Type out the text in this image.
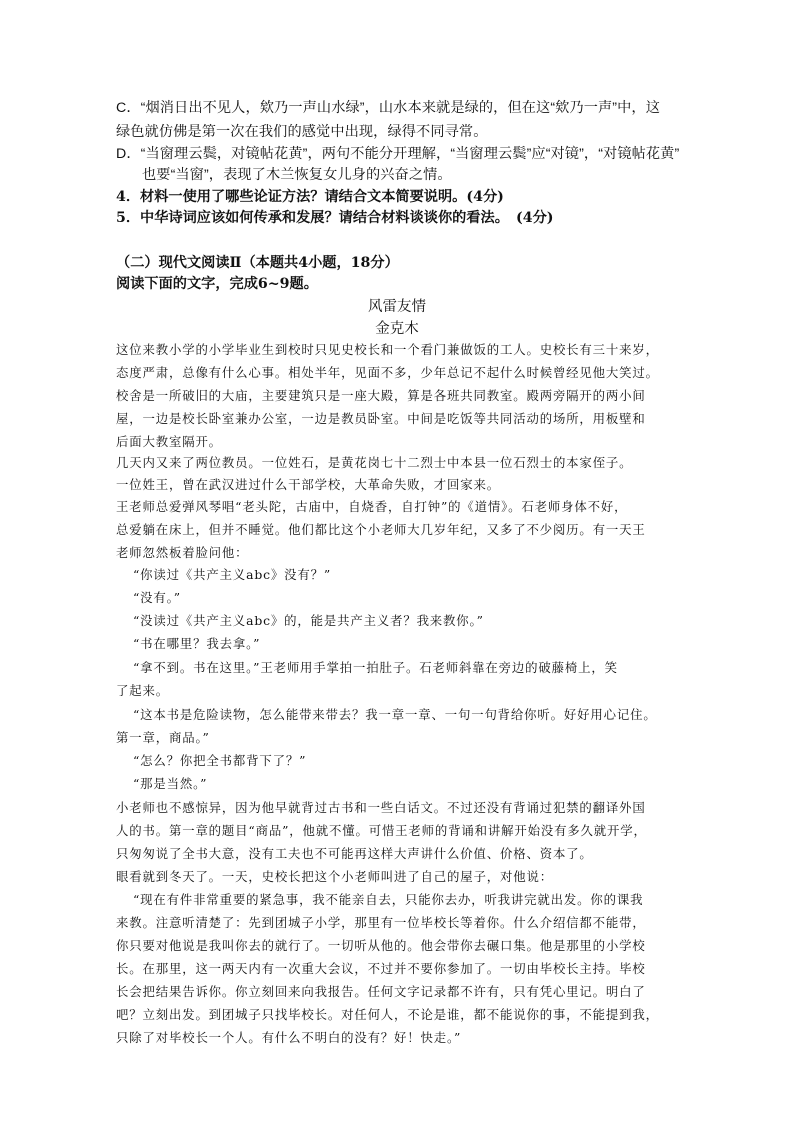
C．“烟消日出不见人，欸乃一声山水绿”，山水本来就是绿的，但在这“欸乃一声”中，这
绿色就仿佛是第一次在我们的感觉中出现，绿得不同寻常。
D．“当窗理云鬓，对镜帖花黄”，两句不能分开理解，“当窗理云鬓”应“对镜”，“对镜帖花黄”
也要“当窗”，表现了木兰恢复女儿身的兴奋之情。
4．材料一使用了哪些论证方法？请结合文本简要说明。(4分)
5．中华诗词应该如何传承和发展？请结合材料谈谈你的看法。　(4分)
（二）现代文阅读Ⅱ（本题共4小题，18分）
阅读下面的文字，完成6~9题。
风雷友情
金克木
这位来教小学的小学毕业生到校时只见史校长和一个看门兼做饭的工人。史校长有三十来岁，
态度严肃，总像有什么心事。相处半年，见面不多，少年总记不起什么时候曾经见他大笑过。
校舍是一所破旧的大庙，主要建筑只是一座大殿，算是各班共同教室。殿两旁隔开的两小间
屋，一边是校长卧室兼办公室，一边是教员卧室。中间是吃饭等共同活动的场所，用板壁和
后面大教室隔开。
几天内又来了两位教员。一位姓石，是黄花岗七十二烈士中本县一位石烈士的本家侄子。
一位姓王，曾在武汉进过什么干部学校，大革命失败，才回家来。
王老师总爱弹风琴唱“老头陀，古庙中，自烧香，自打钟”的《道情》。石老师身体不好，
总爱躺在床上，但并不睡觉。他们都比这个小老师大几岁年纪，又多了不少阅历。有一天王
老师忽然板着脸问他：
“你读过《共产主义abc》没有？”
“没有。”
“没读过《共产主义abc》的，能是共产主义者？我来教你。”
“书在哪里？我去拿。”
“拿不到。书在这里。”王老师用手掌拍一拍肚子。石老师斜靠在旁边的破藤椅上，笑
了起来。
“这本书是危险读物，怎么能带来带去？我一章一章、一句一句背给你听。好好用心记住。
第一章，商品。”
“怎么？你把全书都背下了？”
“那是当然。”
小老师也不感惊异，因为他早就背过古书和一些白话文。不过还没有背诵过犯禁的翻译外国
人的书。第一章的题目“商品”，他就不懂。可惜王老师的背诵和讲解开始没有多久就开学，
只匆匆说了全书大意，没有工夫也不可能再这样大声讲什么价值、价格、资本了。
眼看就到冬天了。一天，史校长把这个小老师叫进了自己的屋子，对他说：
“现在有件非常重要的紧急事，我不能亲自去，只能你去办，听我讲完就出发。你的课我
来教。注意听清楚了：先到团城子小学，那里有一位毕校长等着你。什么介绍信都不能带，
你只要对他说是我叫你去的就行了。一切听从他的。他会带你去碾口集。他是那里的小学校
长。在那里，这一两天内有一次重大会议，不过并不要你参加了。一切由毕校长主持。毕校
长会把结果告诉你。你立刻回来向我报告。任何文字记录都不许有，只有凭心里记。明白了
吧？立刻出发。到团城子只找毕校长。对任何人，不论是谁，都不能说你的事，不能提到我，
只除了对毕校长一个人。有什么不明白的没有？好！快走。”
